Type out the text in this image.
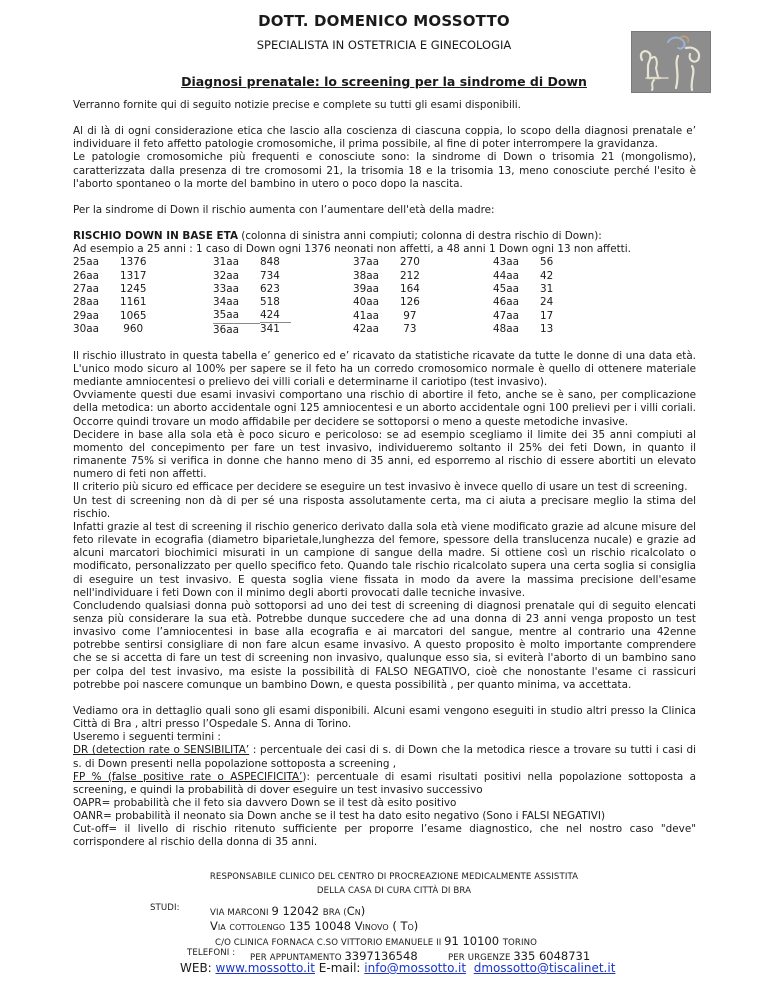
DOTT. DOMENICO MOSSOTTO
SPECIALISTA IN OSTETRICIA E GINECOLOGIA
Diagnosi prenatale: lo screening per la sindrome di Down

Verranno fornite qui di seguito notizie precise e complete su tutti gli esami disponibili.

Al di là di ogni considerazione etica che lascio alla coscienza di ciascuna coppia, lo scopo della diagnosi prenatale e’ individuare il feto affetto patologie cromosomiche, il prima possibile, al fine di poter interrompere la gravidanza.

Le patologie cromosomiche più frequenti e conosciute sono: la sindrome di Down o trisomia 21 (mongolismo), caratterizzata dalla presenza di tre cromosomi 21, la trisomia 18 e la trisomia 13, meno conosciute perché l'esito è l'aborto spontaneo o la morte del bambino in utero o poco dopo la nascita.

Per la sindrome di Down il rischio aumenta con l’aumentare dell'età della madre:

RISCHIO DOWN IN BASE ETA (colonna di sinistra anni compiuti; colonna di destra rischio di Down):

Ad esempio a 25 anni : 1 caso di Down ogni 1376 neonati non affetti, a 48 anni 1 Down ogni 13 non affetti.

25aa	1376	31aa	848	37aa	270	43aa	56
26aa	1317	32aa	734	38aa	212	44aa	42
27aa	1245	33aa	623	39aa	164	45aa	31
28aa	1161	34aa	518	40aa	126	46aa	24
29aa	1065	35aa	424	41aa	97	47aa	17
30aa	960	36aa	341	42aa	73	48aa	13

Il rischio illustrato in questa tabella e’ generico ed e’ ricavato da statistiche ricavate da tutte le donne di una data età. L'unico modo sicuro al 100% per sapere se il feto ha un corredo cromosomico normale è quello di ottenere materiale mediante amniocentesi o prelievo dei villi coriali e determinarne il cariotipo (test invasivo).

Ovviamente questi due esami invasivi comportano una rischio di abortire il feto, anche se è sano, per complicazione della metodica: un aborto accidentale ogni 125 amniocentesi e un aborto accidentale ogni 100 prelievi per i villi coriali. Occorre quindi trovare un modo affidabile per decidere se sottoporsi o meno a queste metodiche invasive.

Decidere in base alla sola età è poco sicuro e pericoloso: se ad esempio scegliamo il limite dei 35 anni compiuti al momento del concepimento per fare un test invasivo, individueremo soltanto il 25% dei feti Down, in quanto il rimanente 75% si verifica in donne che hanno meno di 35 anni, ed esporremo al rischio di essere abortiti un elevato numero di feti non affetti.

Il criterio più sicuro ed efficace per decidere se eseguire un test invasivo è invece quello di usare un test di screening.

Un test di screening non dà di per sé una risposta assolutamente certa, ma ci aiuta a precisare meglio la stima del rischio.

Infatti grazie al test di screening il rischio generico derivato dalla sola età viene modificato grazie ad alcune misure del feto rilevate in ecografia (diametro biparietale,lunghezza del femore, spessore della translucenza nucale) e grazie ad alcuni marcatori biochimici misurati in un campione di sangue della madre. Si ottiene così un rischio ricalcolato o modificato, personalizzato per quello specifico feto. Quando tale rischio ricalcolato supera una certa soglia si consiglia di eseguire un test invasivo. E questa soglia viene fissata in modo da avere la massima precisione dell'esame nell'individuare i feti Down con il minimo degli aborti provocati dalle tecniche invasive.

Concludendo qualsiasi donna può sottoporsi ad uno dei test di screening di diagnosi prenatale qui di seguito elencati senza più considerare la sua età. Potrebbe dunque succedere che ad una donna di 23 anni venga proposto un test invasivo come l’amniocentesi in base alla ecografia e ai marcatori del sangue, mentre al contrario una 42enne potrebbe sentirsi consigliare di non fare alcun esame invasivo. A questo proposito è molto importante comprendere che se si accetta di fare un test di screening non invasivo, qualunque esso sia, si eviterà l'aborto di un bambino sano per colpa del test invasivo, ma esiste la possibilità di FALSO NEGATIVO, cioè che nonostante l'esame ci rassicuri potrebbe poi nascere comunque un bambino Down, e questa possibilità , per quanto minima, va accettata.

Vediamo ora in dettaglio quali sono gli esami disponibili. Alcuni esami vengono eseguiti in studio altri presso la Clinica Città di Bra , altri presso l’Ospedale S. Anna di Torino.

Useremo i seguenti termini :

DR (detection rate o SENSIBILITA’ : percentuale dei casi di s. di Down che la metodica riesce a trovare su tutti i casi di s. di Down presenti nella popolazione sottoposta a screening ,

FP % (false positive rate o ASPECIFICITA’): percentuale di esami risultati positivi nella popolazione sottoposta a screening, e quindi la probabilità di dover eseguire un test invasivo successivo

OAPR= probabilità che il feto sia davvero Down se il test dà esito positivo

OANR= probabilità il neonato sia Down anche se il test ha dato esito negativo (Sono i FALSI NEGATIVI)

Cut-off= il livello di rischio ritenuto sufficiente per proporre l’esame diagnostico, che nel nostro caso "deve" corrispondere al rischio della donna di 35 anni.

RESPONSABILE CLINICO DEL CENTRO DI PROCREAZIONE MEDICALMENTE ASSISTITA
DELLA CASA DI CURA CITTÀ DI BRA
STUDI:	VIA MARCONI 9 12042 BRA (Cn)
Via cottolengo 135 10048 Vinovo ( To)
C/O CLINICA FORNACA C.SO VITTORIO EMANUELE II 91 10100 TORINO
TELEFONI : PER APPUNTAMENTO 3397136548	PER URGENZE 335 6048731
WEB: www.mossotto.it E-mail: info@mossotto.it dmossotto@tiscalinet.it
